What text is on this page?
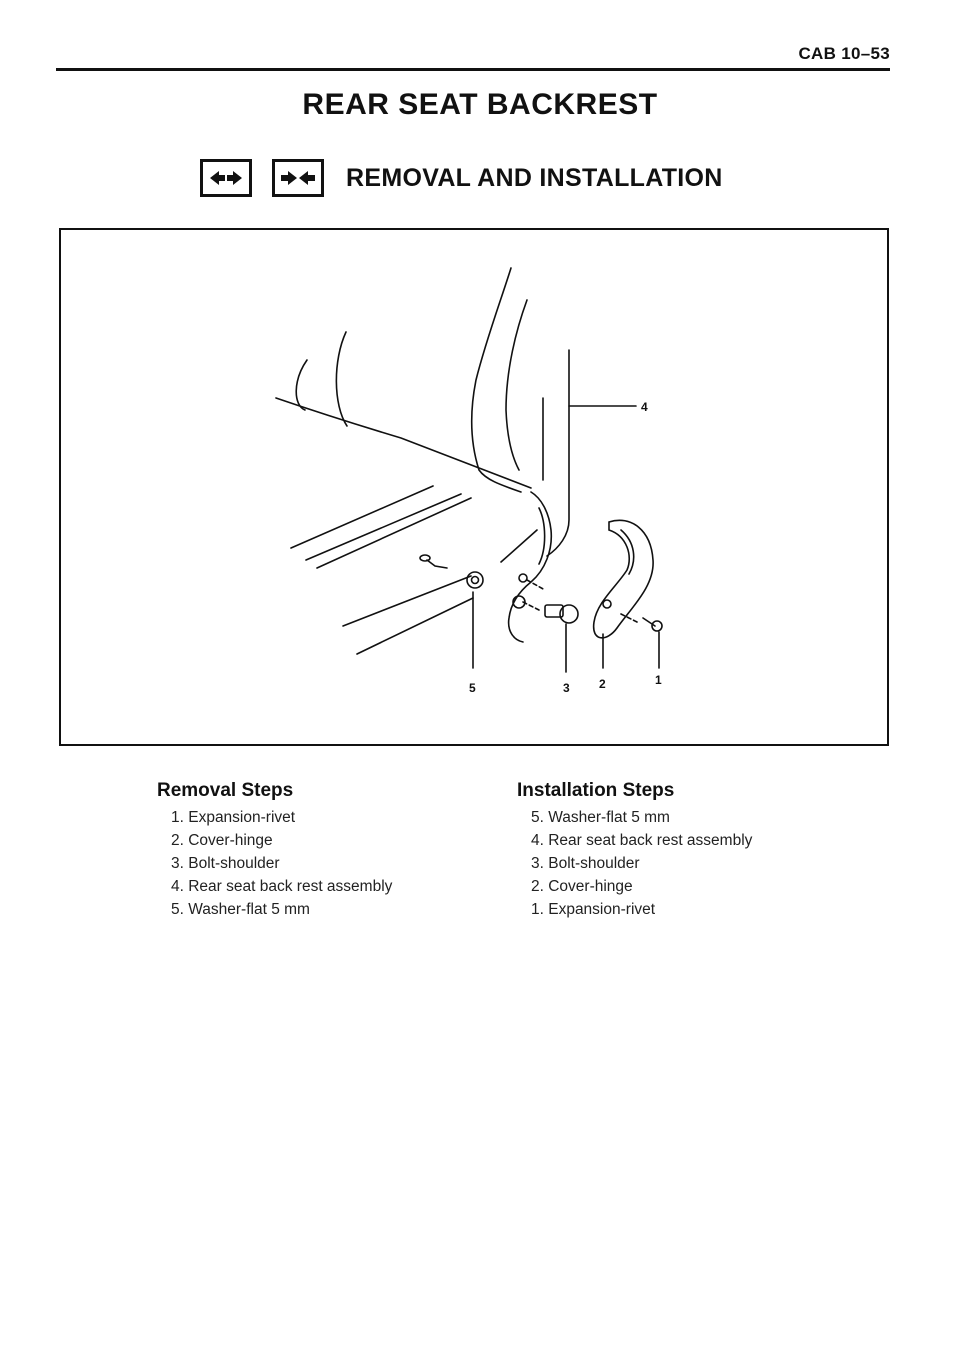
CAB 10–53
REAR SEAT BACKREST
REMOVAL AND INSTALLATION
4
5	3 2	1
Removal Steps
1. Expansion-rivet
2. Cover-hinge
3. Bolt-shoulder
4. Rear seat back rest assembly
5. Washer-flat 5 mm
Installation Steps
5. Washer-flat 5 mm
4. Rear seat back rest assembly
3. Bolt-shoulder
2. Cover-hinge
1. Expansion-rivet
